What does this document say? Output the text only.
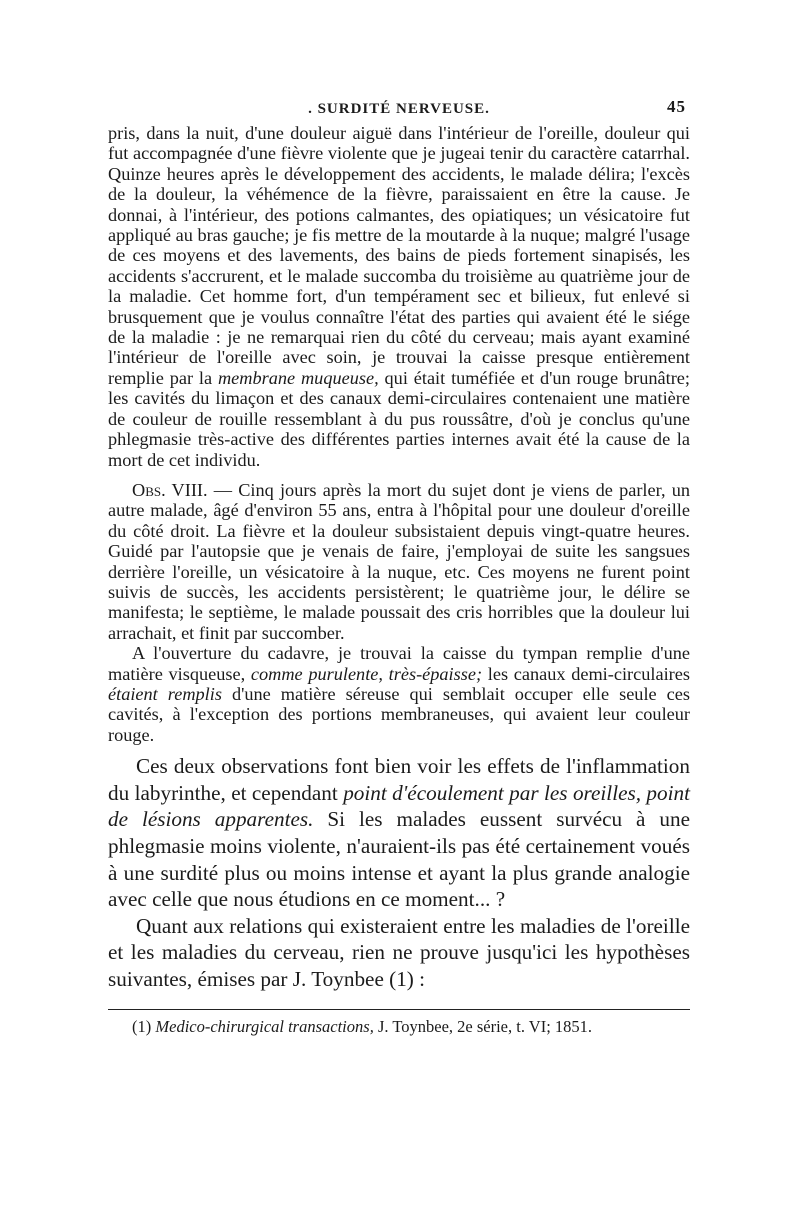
. SURDITÉ NERVEUSE.	45

pris, dans la nuit, d'une douleur aiguë dans l'intérieur de l'oreille, douleur qui fut accompagnée d'une fièvre violente que je jugeai tenir du caractère catarrhal. Quinze heures après le développement des accidents, le malade délira; l'excès de la douleur, la véhémence de la fièvre, paraissaient en être la cause. Je donnai, à l'intérieur, des potions calmantes, des opiatiques; un vésicatoire fut appliqué au bras gauche; je fis mettre de la moutarde à la nuque; malgré l'usage de ces moyens et des lavements, des bains de pieds fortement sinapisés, les accidents s'accrurent, et le malade succomba du troisième au quatrième jour de la maladie. Cet homme fort, d'un tempérament sec et bilieux, fut enlevé si brusquement que je voulus connaître l'état des parties qui avaient été le siége de la maladie : je ne remarquai rien du côté du cerveau; mais ayant examiné l'intérieur de l'oreille avec soin, je trouvai la caisse presque entièrement remplie par la membrane muqueuse, qui était tuméfiée et d'un rouge brunâtre; les cavités du limaçon et des canaux demi-circulaires contenaient une matière de couleur de rouille ressemblant à du pus roussâtre, d'où je conclus qu'une phlegmasie très-active des différentes parties internes avait été la cause de la mort de cet individu.

Obs. VIII. — Cinq jours après la mort du sujet dont je viens de parler, un autre malade, âgé d'environ 55 ans, entra à l'hôpital pour une douleur d'oreille du côté droit. La fièvre et la douleur subsistaient depuis vingt-quatre heures. Guidé par l'autopsie que je venais de faire, j'employai de suite les sangsues derrière l'oreille, un vésicatoire à la nuque, etc. Ces moyens ne furent point suivis de succès, les accidents persistèrent; le quatrième jour, le délire se manifesta; le septième, le malade poussait des cris horribles que la douleur lui arrachait, et finit par succomber.

A l'ouverture du cadavre, je trouvai la caisse du tympan remplie d'une matière visqueuse, comme purulente, très-épaisse; les canaux demi-circulaires étaient remplis d'une matière séreuse qui semblait occuper elle seule ces cavités, à l'exception des portions membraneuses, qui avaient leur couleur rouge.

Ces deux observations font bien voir les effets de l'inflammation du labyrinthe, et cependant point d'écoulement par les oreilles, point de lésions apparentes. Si les malades eussent survécu à une phlegmasie moins violente, n'auraient-ils pas été certainement voués à une surdité plus ou moins intense et ayant la plus grande analogie avec celle que nous étudions en ce moment... ?

Quant aux relations qui existeraient entre les maladies de l'oreille et les maladies du cerveau, rien ne prouve jusqu'ici les hypothèses suivantes, émises par J. Toynbee (1) :

(1) Medico-chirurgical transactions, J. Toynbee, 2e série, t. VI; 1851.
